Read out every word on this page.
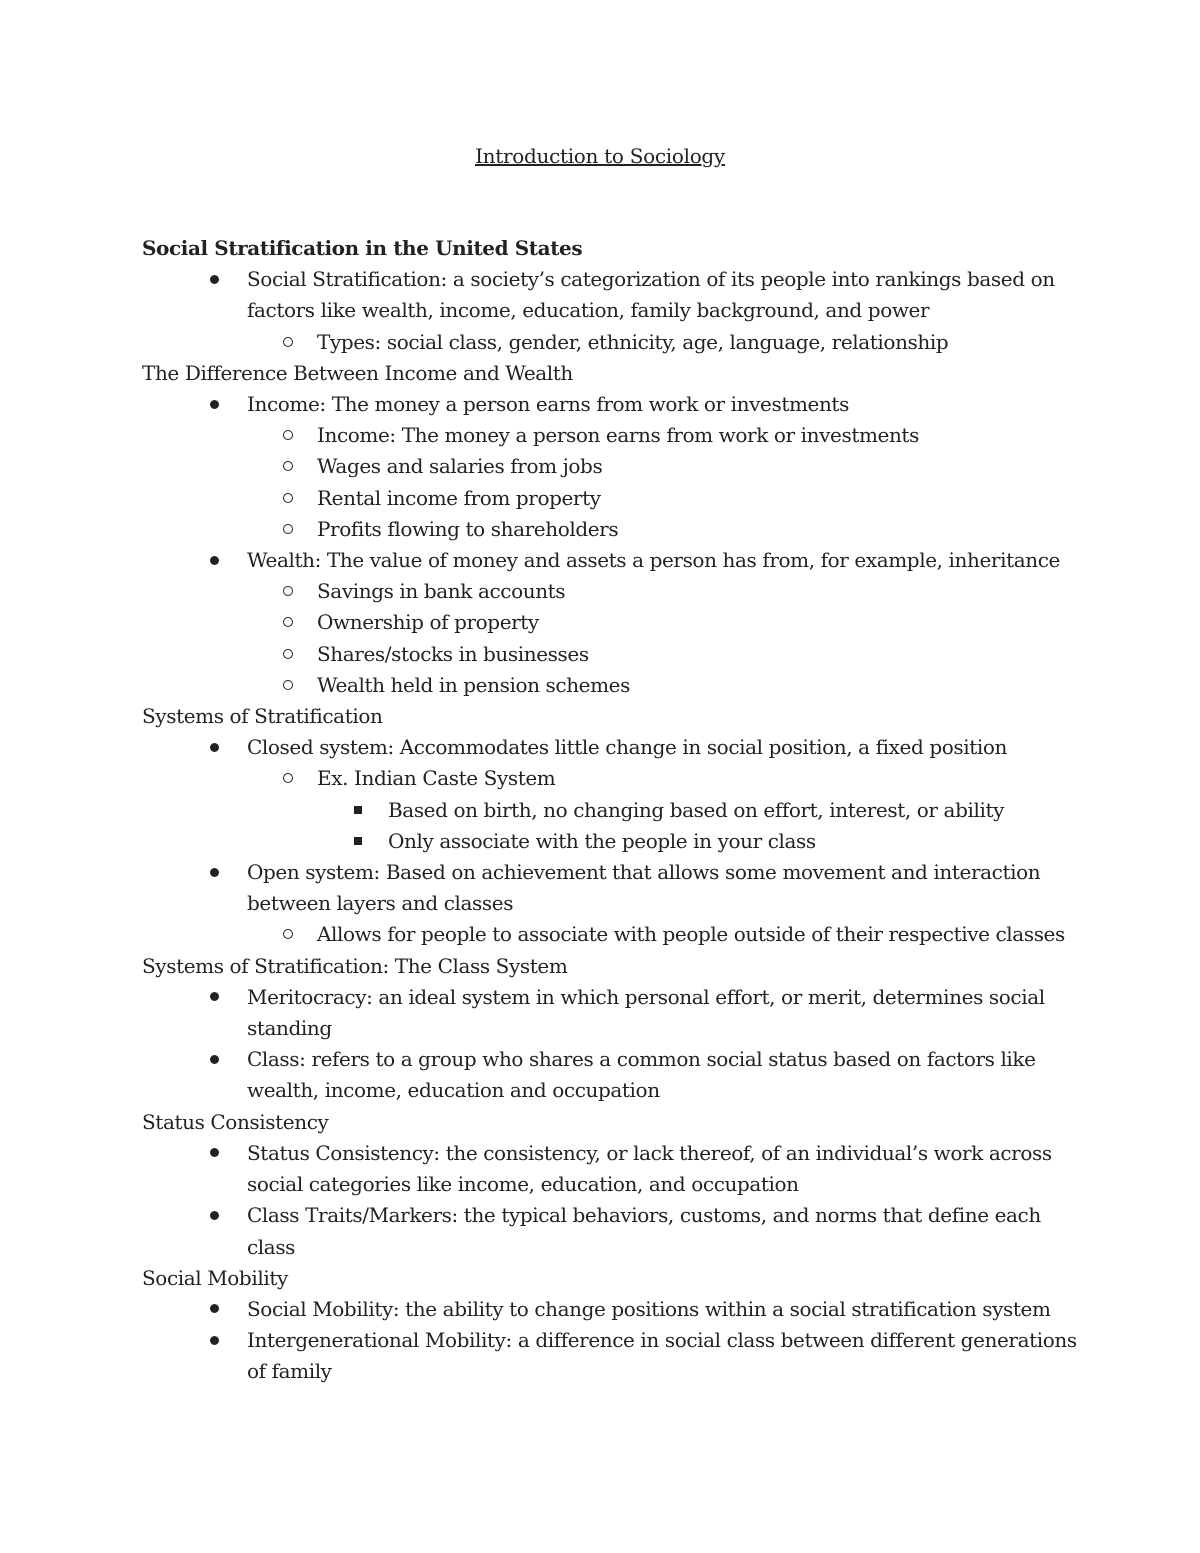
Introduction to Sociology
Social Stratification in the United States
Social Stratification: a society’s categorization of its people into rankings based on factors like wealth, income, education, family background, and power
Types: social class, gender, ethnicity, age, language, relationship
The Difference Between Income and Wealth
Income: The money a person earns from work or investments
Income: The money a person earns from work or investments
Wages and salaries from jobs
Rental income from property
Profits flowing to shareholders
Wealth: The value of money and assets a person has from, for example, inheritance
Savings in bank accounts
Ownership of property
Shares/stocks in businesses
Wealth held in pension schemes
Systems of Stratification
Closed system: Accommodates little change in social position, a fixed position
Ex. Indian Caste System
Based on birth, no changing based on effort, interest, or ability
Only associate with the people in your class
Open system: Based on achievement that allows some movement and interaction between layers and classes
Allows for people to associate with people outside of their respective classes
Systems of Stratification: The Class System
Meritocracy: an ideal system in which personal effort, or merit, determines social standing
Class: refers to a group who shares a common social status based on factors like wealth, income, education and occupation
Status Consistency
Status Consistency: the consistency, or lack thereof, of an individual’s work across social categories like income, education, and occupation
Class Traits/Markers: the typical behaviors, customs, and norms that define each class
Social Mobility
Social Mobility: the ability to change positions within a social stratification system
Intergenerational Mobility: a difference in social class between different generations of family
